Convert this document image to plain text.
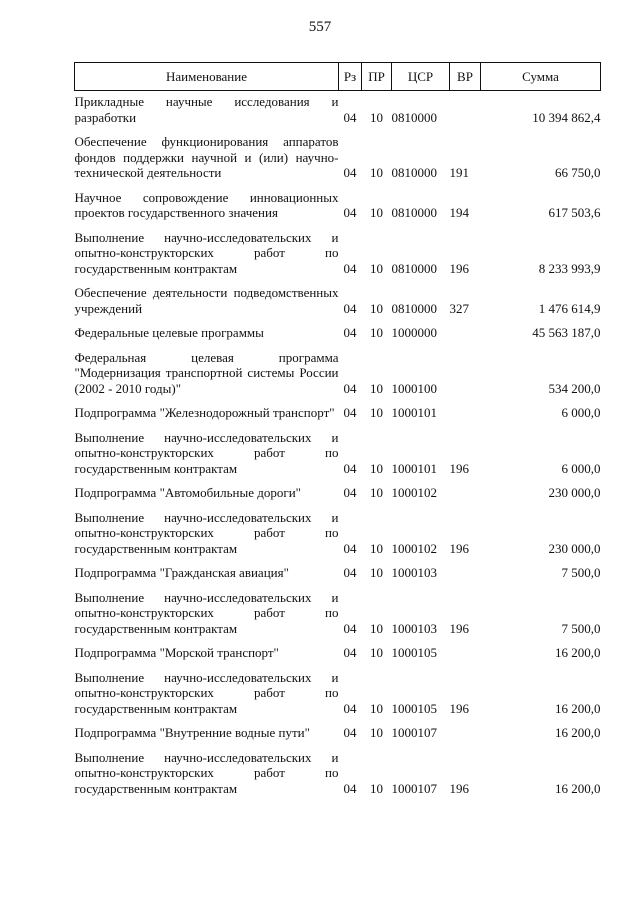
557
Наименование	Рз	ПР	ЦСР	ВР	Сумма
Прикладные научные исследования и разработки	04	10	0810000		10 394 862,4
Обеспечение функционирования аппаратов фондов поддержки научной и (или) научно-технической деятельности	04	10	0810000	191	66 750,0
Научное сопровождение инновационных проектов государственного значения	04	10	0810000	194	617 503,6
Выполнение научно-исследовательских и опытно-конструкторских работ по государственным контрактам	04	10	0810000	196	8 233 993,9
Обеспечение деятельности подведомственных учреждений	04	10	0810000	327	1 476 614,9
Федеральные целевые программы	04	10	1000000		45 563 187,0
Федеральная целевая программа "Модернизация транспортной системы России (2002 - 2010 годы)"	04	10	1000100		534 200,0
Подпрограмма "Железнодорожный транспорт"	04	10	1000101		6 000,0
Выполнение научно-исследовательских и опытно-конструкторских работ по государственным контрактам	04	10	1000101	196	6 000,0
Подпрограмма "Автомобильные дороги"	04	10	1000102		230 000,0
Выполнение научно-исследовательских и опытно-конструкторских работ по государственным контрактам	04	10	1000102	196	230 000,0
Подпрограмма "Гражданская авиация"	04	10	1000103		7 500,0
Выполнение научно-исследовательских и опытно-конструкторских работ по государственным контрактам	04	10	1000103	196	7 500,0
Подпрограмма "Морской транспорт"	04	10	1000105		16 200,0
Выполнение научно-исследовательских и опытно-конструкторских работ по государственным контрактам	04	10	1000105	196	16 200,0
Подпрограмма "Внутренние водные пути"	04	10	1000107		16 200,0
Выполнение научно-исследовательских и опытно-конструкторских работ по государственным контрактам	04	10	1000107	196	16 200,0
